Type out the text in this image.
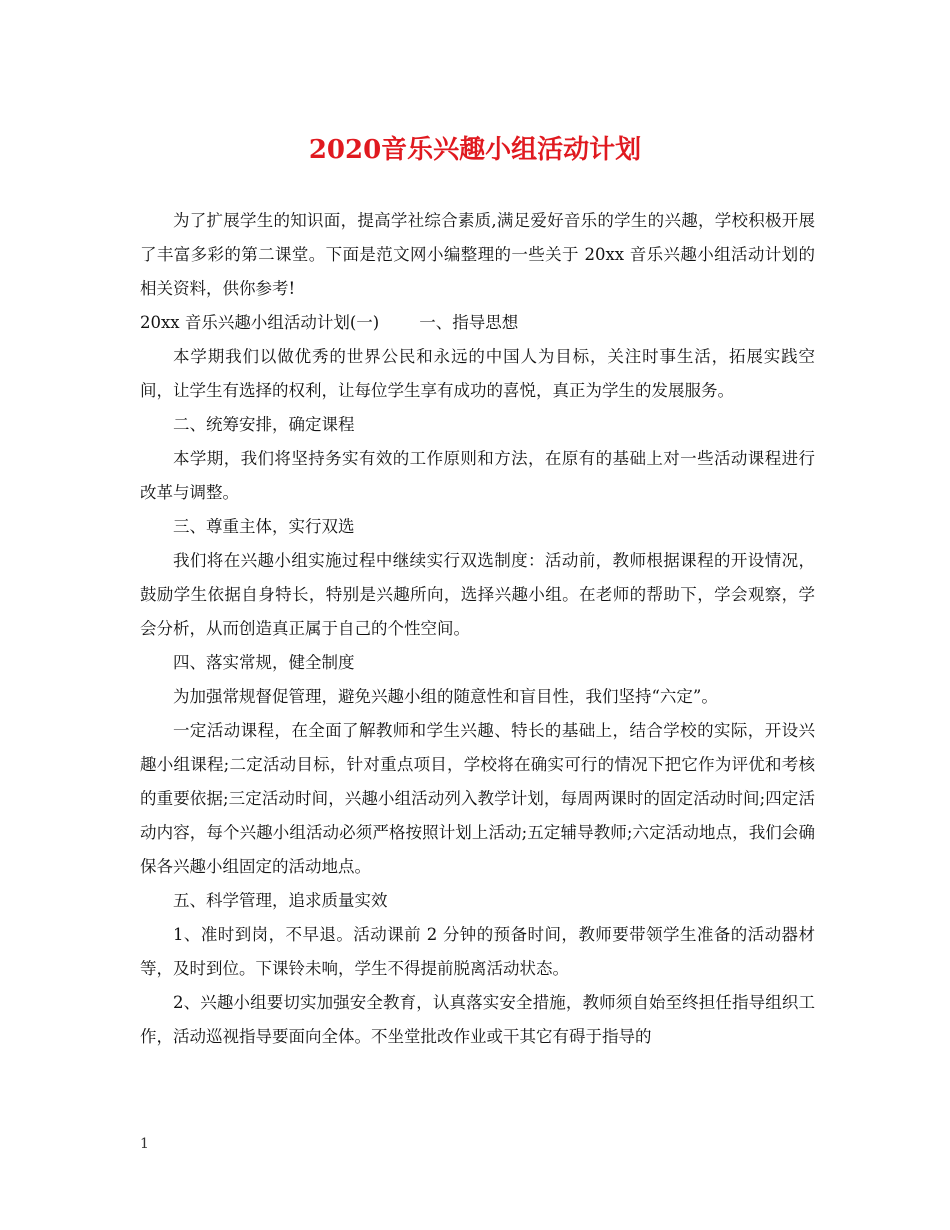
2020音乐兴趣小组活动计划

为了扩展学生的知识面，提高学社综合素质,满足爱好音乐的学生的兴趣，学校积极开展了丰富多彩的第二课堂。下面是范文网小编整理的一些关于 20xx 音乐兴趣小组活动计划的相关资料，供你参考!

20xx 音乐兴趣小组活动计划(一) 一、指导思想

本学期我们以做优秀的世界公民和永远的中国人为目标，关注时事生活，拓展实践空间，让学生有选择的权利，让每位学生享有成功的喜悦，真正为学生的发展服务。

二、统筹安排，确定课程

本学期，我们将坚持务实有效的工作原则和方法，在原有的基础上对一些活动课程进行改革与调整。

三、尊重主体，实行双选

我们将在兴趣小组实施过程中继续实行双选制度：活动前，教师根据课程的开设情况，鼓励学生依据自身特长，特别是兴趣所向，选择兴趣小组。在老师的帮助下，学会观察，学会分析，从而创造真正属于自己的个性空间。

四、落实常规，健全制度

为加强常规督促管理，避免兴趣小组的随意性和盲目性，我们坚持“六定”。

一定活动课程，在全面了解教师和学生兴趣、特长的基础上，结合学校的实际，开设兴趣小组课程;二定活动目标，针对重点项目，学校将在确实可行的情况下把它作为评优和考核的重要依据;三定活动时间，兴趣小组活动列入教学计划，每周两课时的固定活动时间;四定活动内容，每个兴趣小组活动必须严格按照计划上活动;五定辅导教师;六定活动地点，我们会确保各兴趣小组固定的活动地点。

五、科学管理，追求质量实效

1、准时到岗，不早退。活动课前 2 分钟的预备时间，教师要带领学生准备的活动器材等，及时到位。下课铃未响，学生不得提前脱离活动状态。

2、兴趣小组要切实加强安全教育，认真落实安全措施，教师须自始至终担任指导组织工作，活动巡视指导要面向全体。不坐堂批改作业或干其它有碍于指导的

1
